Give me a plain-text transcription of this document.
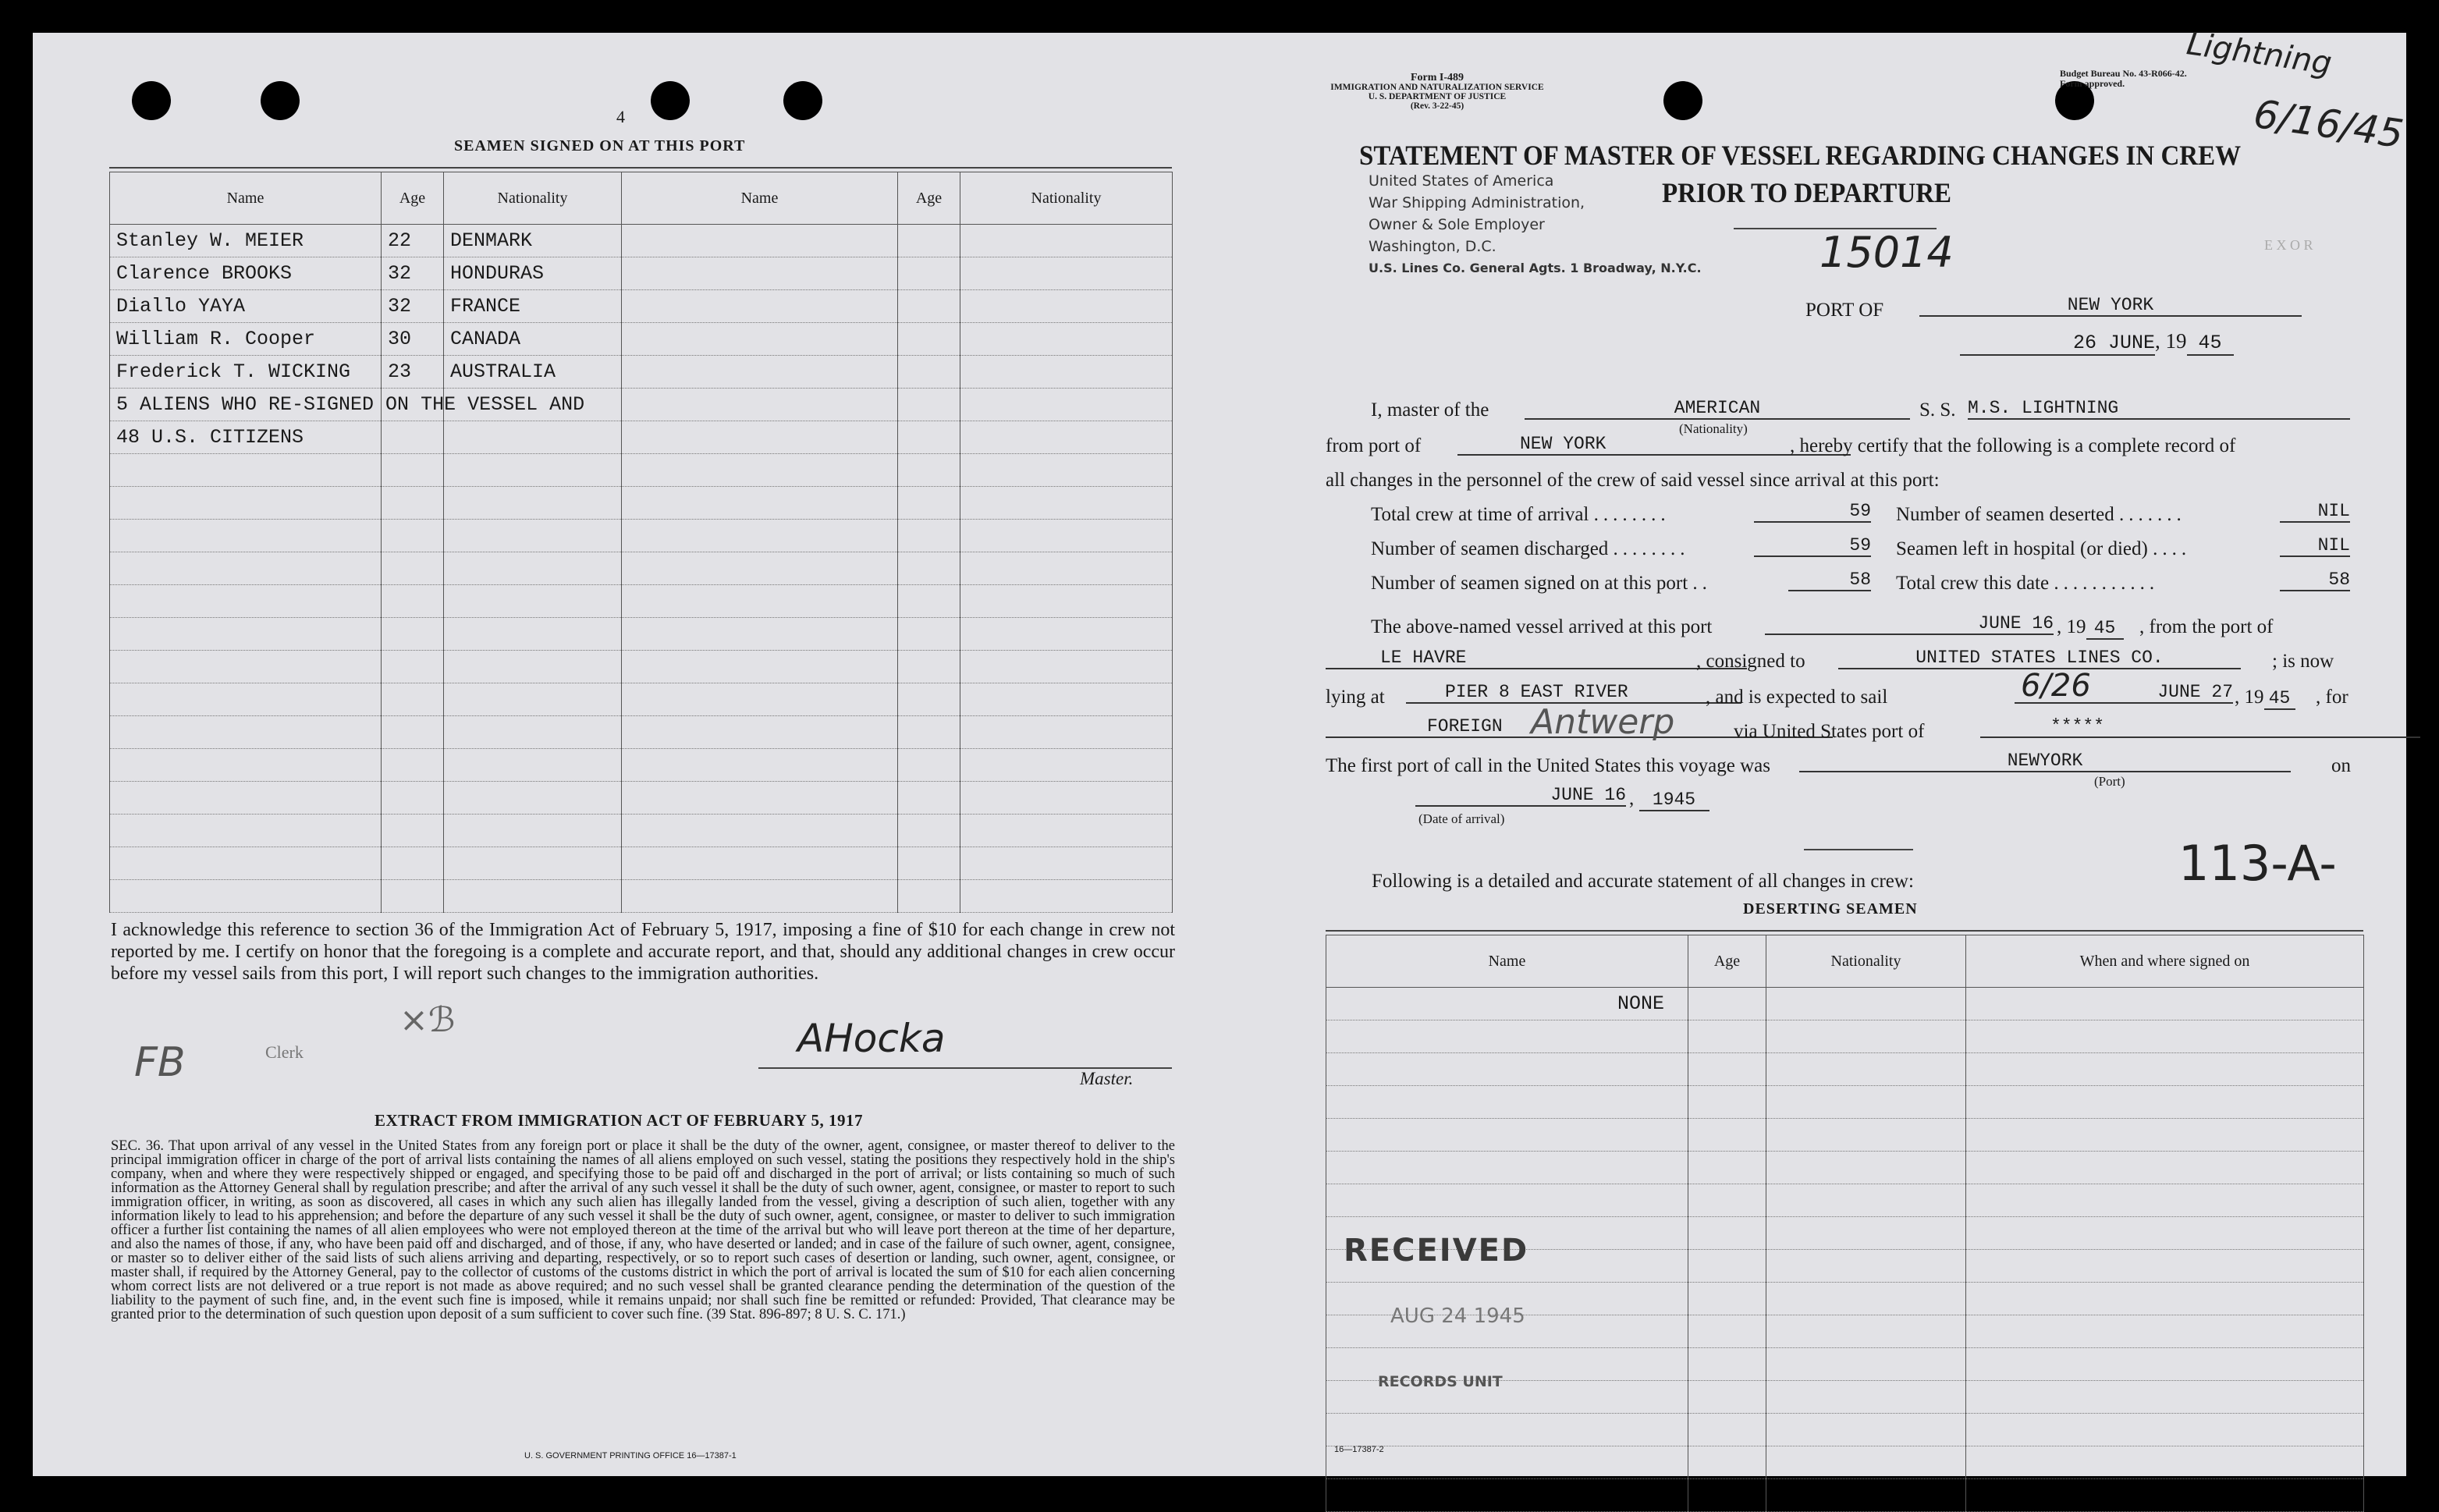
4
SEAMEN SIGNED ON AT THIS PORT
Name	Age	Nationality	Name	Age	Nationality
Stanley W. MEIER	22	DENMARK			
Clarence BROOKS	32	HONDURAS			
Diallo YAYA	32	FRANCE			
William R. Cooper	30	CANADA			
Frederick T. WICKING	23	AUSTRALIA			
5 ALIENS WHO RE-SIGNED ON THE VESSEL AND					
48 U.S. CITIZENS					

I acknowledge this reference to section 36 of the Immigration Act of February 5, 1917, imposing a fine of $10 for each change in crew not reported by me. I certify on honor that the foregoing is a complete and accurate report, and that, should any additional changes in crew occur before my vessel sails from this port, I will report such changes to the immigration authorities.
FB	Clerk
×ℬ	AHocka
Master.
EXTRACT FROM IMMIGRATION ACT OF FEBRUARY 5, 1917
SEC. 36. That upon arrival of any vessel in the United States from any foreign port or place it shall be the duty of the owner, agent, consignee, or master thereof to deliver to the principal immigration officer in charge of the port of arrival lists containing the names of all aliens employed on such vessel, stating the positions they respectively hold in the ship's company, when and where they were respectively shipped or engaged, and specifying those to be paid off and discharged in the port of arrival; or lists containing so much of such information as the Attorney General shall by regulation prescribe; and after the arrival of any such vessel it shall be the duty of such owner, agent, consignee, or master to report to such immigration officer, in writing, as soon as discovered, all cases in which any such alien has illegally landed from the vessel, giving a description of such alien, together with any information likely to lead to his apprehension; and before the departure of any such vessel it shall be the duty of such owner, agent, consignee, or master to deliver to such immigration officer a further list containing the names of all alien employees who were not employed thereon at the time of the arrival but who will leave port thereon at the time of her departure, and also the names of those, if any, who have been paid off and discharged, and of those, if any, who have deserted or landed; and in case of the failure of such owner, agent, consignee, or master so to deliver either of the said lists of such aliens arriving and departing, respectively, or so to report such cases of desertion or landing, such owner, agent, consignee, or master shall, if required by the Attorney General, pay to the collector of customs of the customs district in which the port of arrival is located the sum of $10 for each alien concerning whom correct lists are not delivered or a true report is not made as above required; and no such vessel shall be granted clearance pending the determination of the question of the liability to the payment of such fine, and, in the event such fine is imposed, while it remains unpaid; nor shall such fine be remitted or refunded: Provided, That clearance may be granted prior to the determination of such question upon deposit of a sum sufficient to cover such fine. (39 Stat. 896-897; 8 U. S. C. 171.)
U. S. GOVERNMENT PRINTING OFFICE 16—17387-1
Form I-489
IMMIGRATION AND NATURALIZATION SERVICE
U. S. DEPARTMENT OF JUSTICE
(Rev. 3-22-45)
Budget Bureau No. 43-R066-42.
Form approved.
Lightning
6/16/45
STATEMENT OF MASTER OF VESSEL REGARDING CHANGES IN CREW
PRIOR TO DEPARTURE
United States of America
War Shipping Administration,
Owner & Sole Employer
Washington, D.C.
U.S. Lines Co. General Agts. 1 Broadway, N.Y.C.	15014	E X O R
PORT OF	NEW YORK
26 JUNE, 19 45
I, master of the	AMERICAN
(Nationality)
S. S. M.S. LIGHTNING
from port of	NEW YORK	, hereby certify that the following is a complete record of
all changes in the personnel of the crew of said vessel since arrival at this port:
Total crew at time of arrival ........	59
Number of seamen discharged ........	59
Number of seamen signed on at this port ..	58
Number of seamen deserted .......	NIL
Seamen left in hospital (or died) ....	NIL
Total crew this date ...........	58
The above-named vessel arrived at this port	JUNE 16 , 19 45	, from the port of
LE HAVRE	, consigned to	UNITED STATES LINES CO.	; is now
lying at	PIER 8 EAST RIVER	, and is expected to sail	6/26	JUNE 27 , 19 45 , for
FOREIGN Antwerp	via United States port of	*****
The first port of call in the United States this voyage was	NEWYORK
(Port)
on
JUNE 16 , 1945
(Date of arrival)
113-A-
Following is a detailed and accurate statement of all changes in crew:
DESERTING SEAMEN
Name	Age	Nationality	When and where signed on
NONE			

RECEIVED
AUG 24 1945
RECORDS UNIT
16—17387-2
